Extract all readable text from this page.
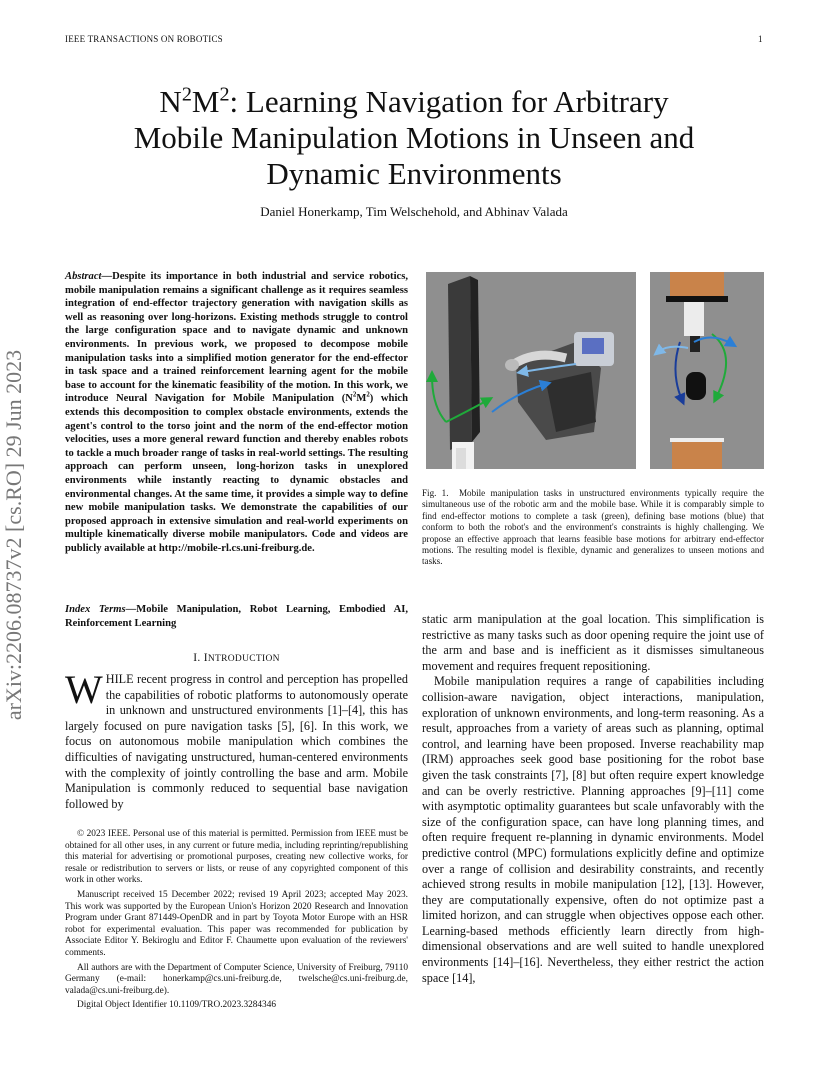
IEEE TRANSACTIONS ON ROBOTICS	1
$N^2M^2$: Learning Navigation for Arbitrary
Mobile Manipulation Motions in Unseen and
Dynamic Environments
Daniel Honerkamp, Tim Welschehold, and Abhinav Valada
arXiv:2206.08737v2 [cs.RO] 29 Jun 2023
Abstract—Despite its importance in both industrial and service robotics, mobile manipulation remains a significant challenge as it requires seamless integration of end-effector trajectory generation with navigation skills as well as reasoning over long-horizons. Existing methods struggle to control the large configuration space and to navigate dynamic and unknown environments. In previous work, we proposed to decompose mobile manipulation tasks into a simplified motion generator for the end-effector in task space and a trained reinforcement learning agent for the mobile base to account for the kinematic feasibility of the motion. In this work, we introduce Neural Navigation for Mobile Manipulation $(N^2M^2)$ which extends this decomposition to complex obstacle environments, extends the agent's control to the torso joint and the norm of the end-effector motion velocities, uses a more general reward function and thereby enables robots to tackle a much broader range of tasks in real-world settings. The resulting approach can perform unseen, long-horizon tasks in unexplored environments while instantly reacting to dynamic obstacles and environmental changes. At the same time, it provides a simple way to define new mobile manipulation tasks. We demonstrate the capabilities of our proposed approach in extensive simulation and real-world experiments on multiple kinematically diverse mobile manipulators. Code and videos are publicly available at http://mobile-rl.cs.uni-freiburg.de.
Index Terms—Mobile Manipulation, Robot Learning, Embodied AI, Reinforcement Learning
I. INTRODUCTION
WHILE recent progress in control and perception has propelled the capabilities of robotic platforms to autonomously operate in unknown and unstructured environments [1]–[4], this has largely focused on pure navigation tasks [5], [6]. In this work, we focus on autonomous mobile manipulation which combines the difficulties of navigating unstructured, human-centered environments with the complexity of jointly controlling the base and arm. Mobile Manipulation is commonly reduced to sequential base navigation followed by

© 2023 IEEE. Personal use of this material is permitted. Permission from IEEE must be obtained for all other uses, in any current or future media, including reprinting/republishing this material for advertising or promotional purposes, creating new collective works, for resale or redistribution to servers or lists, or reuse of any copyrighted component of this work in other works.

Manuscript received 15 December 2022; revised 19 April 2023; accepted May 2023. This work was supported by the European Union's Horizon 2020 Research and Innovation Program under Grant 871449-OpenDR and in part by Toyota Motor Europe with an HSR robot for experimental evaluation. This paper was recommended for publication by Associate Editor Y. Bekiroglu and Editor F. Chaumette upon evaluation of the reviewers' comments.

All authors are with the Department of Computer Science, University of Freiburg, 79110 Germany (e-mail: honerkamp@cs.uni-freiburg.de, twelsche@cs.uni-freiburg.de, valada@cs.uni-freiburg.de).

Digital Object Identifier 10.1109/TRO.2023.3284346

Fig. 1. Mobile manipulation tasks in unstructured environments typically require the simultaneous use of the robotic arm and the mobile base. While it is comparably simple to find end-effector motions to complete a task (green), defining base motions (blue) that conform to both the robot's and the environment's constraints is highly challenging. We propose an effective approach that learns feasible base motions for arbitrary end-effector motions. The resulting model is flexible, dynamic and generalizes to unseen motions and tasks.

static arm manipulation at the goal location. This simplification is restrictive as many tasks such as door opening require the joint use of the arm and base and is inefficient as it dismisses simultaneous movement and requires frequent repositioning.

Mobile manipulation requires a range of capabilities including collision-aware navigation, object interactions, manipulation, exploration of unknown environments, and long-term reasoning. As a result, approaches from a variety of areas such as planning, optimal control, and learning have been proposed. Inverse reachability map (IRM) approaches seek good base positioning for the robot base given the task constraints [7], [8] but often require expert knowledge and can be overly restrictive. Planning approaches [9]–[11] come with asymptotic optimality guarantees but scale unfavorably with the size of the configuration space, can have long planning times, and often require frequent re-planning in dynamic environments. Model predictive control (MPC) formulations explicitly define and optimize over a range of collision and desirability constraints, and recently achieved strong results in mobile manipulation [12], [13]. However, they are computationally expensive, often do not optimize past a limited horizon, and can struggle when objectives oppose each other. Learning-based methods efficiently learn directly from high-dimensional observations and are well suited to handle unexplored environments [14]–[16]. Nevertheless, they either restrict the action space [14],
